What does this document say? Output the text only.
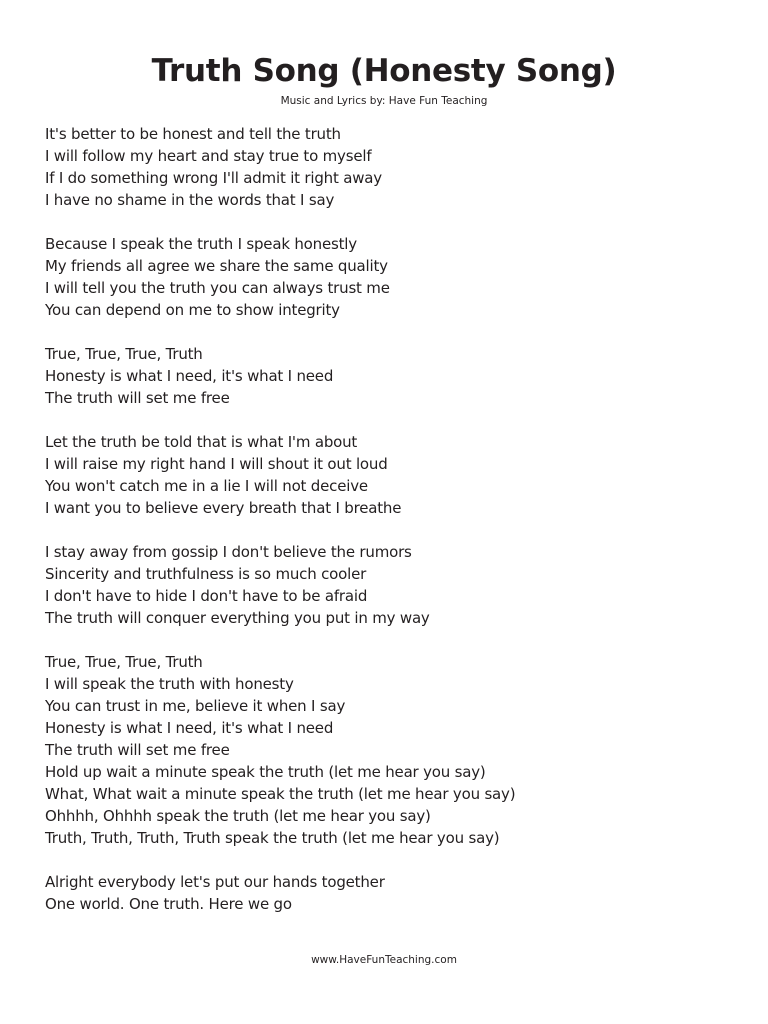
Truth Song (Honesty Song)
Music and Lyrics by: Have Fun Teaching
It's better to be honest and tell the truth
I will follow my heart and stay true to myself
If I do something wrong I'll admit it right away
I have no shame in the words that I say
Because I speak the truth I speak honestly
My friends all agree we share the same quality
I will tell you the truth you can always trust me
You can depend on me to show integrity
True, True, True, Truth
Honesty is what I need, it's what I need
The truth will set me free
Let the truth be told that is what I'm about
I will raise my right hand I will shout it out loud
You won't catch me in a lie I will not deceive
I want you to believe every breath that I breathe
I stay away from gossip I don't believe the rumors
Sincerity and truthfulness is so much cooler
I don't have to hide I don't have to be afraid
The truth will conquer everything you put in my way
True, True, True, Truth
I will speak the truth with honesty
You can trust in me, believe it when I say
Honesty is what I need, it's what I need
The truth will set me free
Hold up wait a minute speak the truth (let me hear you say)
What, What wait a minute speak the truth (let me hear you say)
Ohhhh, Ohhhh speak the truth (let me hear you say)
Truth, Truth, Truth, Truth speak the truth (let me hear you say)
Alright everybody let's put our hands together
One world. One truth. Here we go
www.HaveFunTeaching.com
